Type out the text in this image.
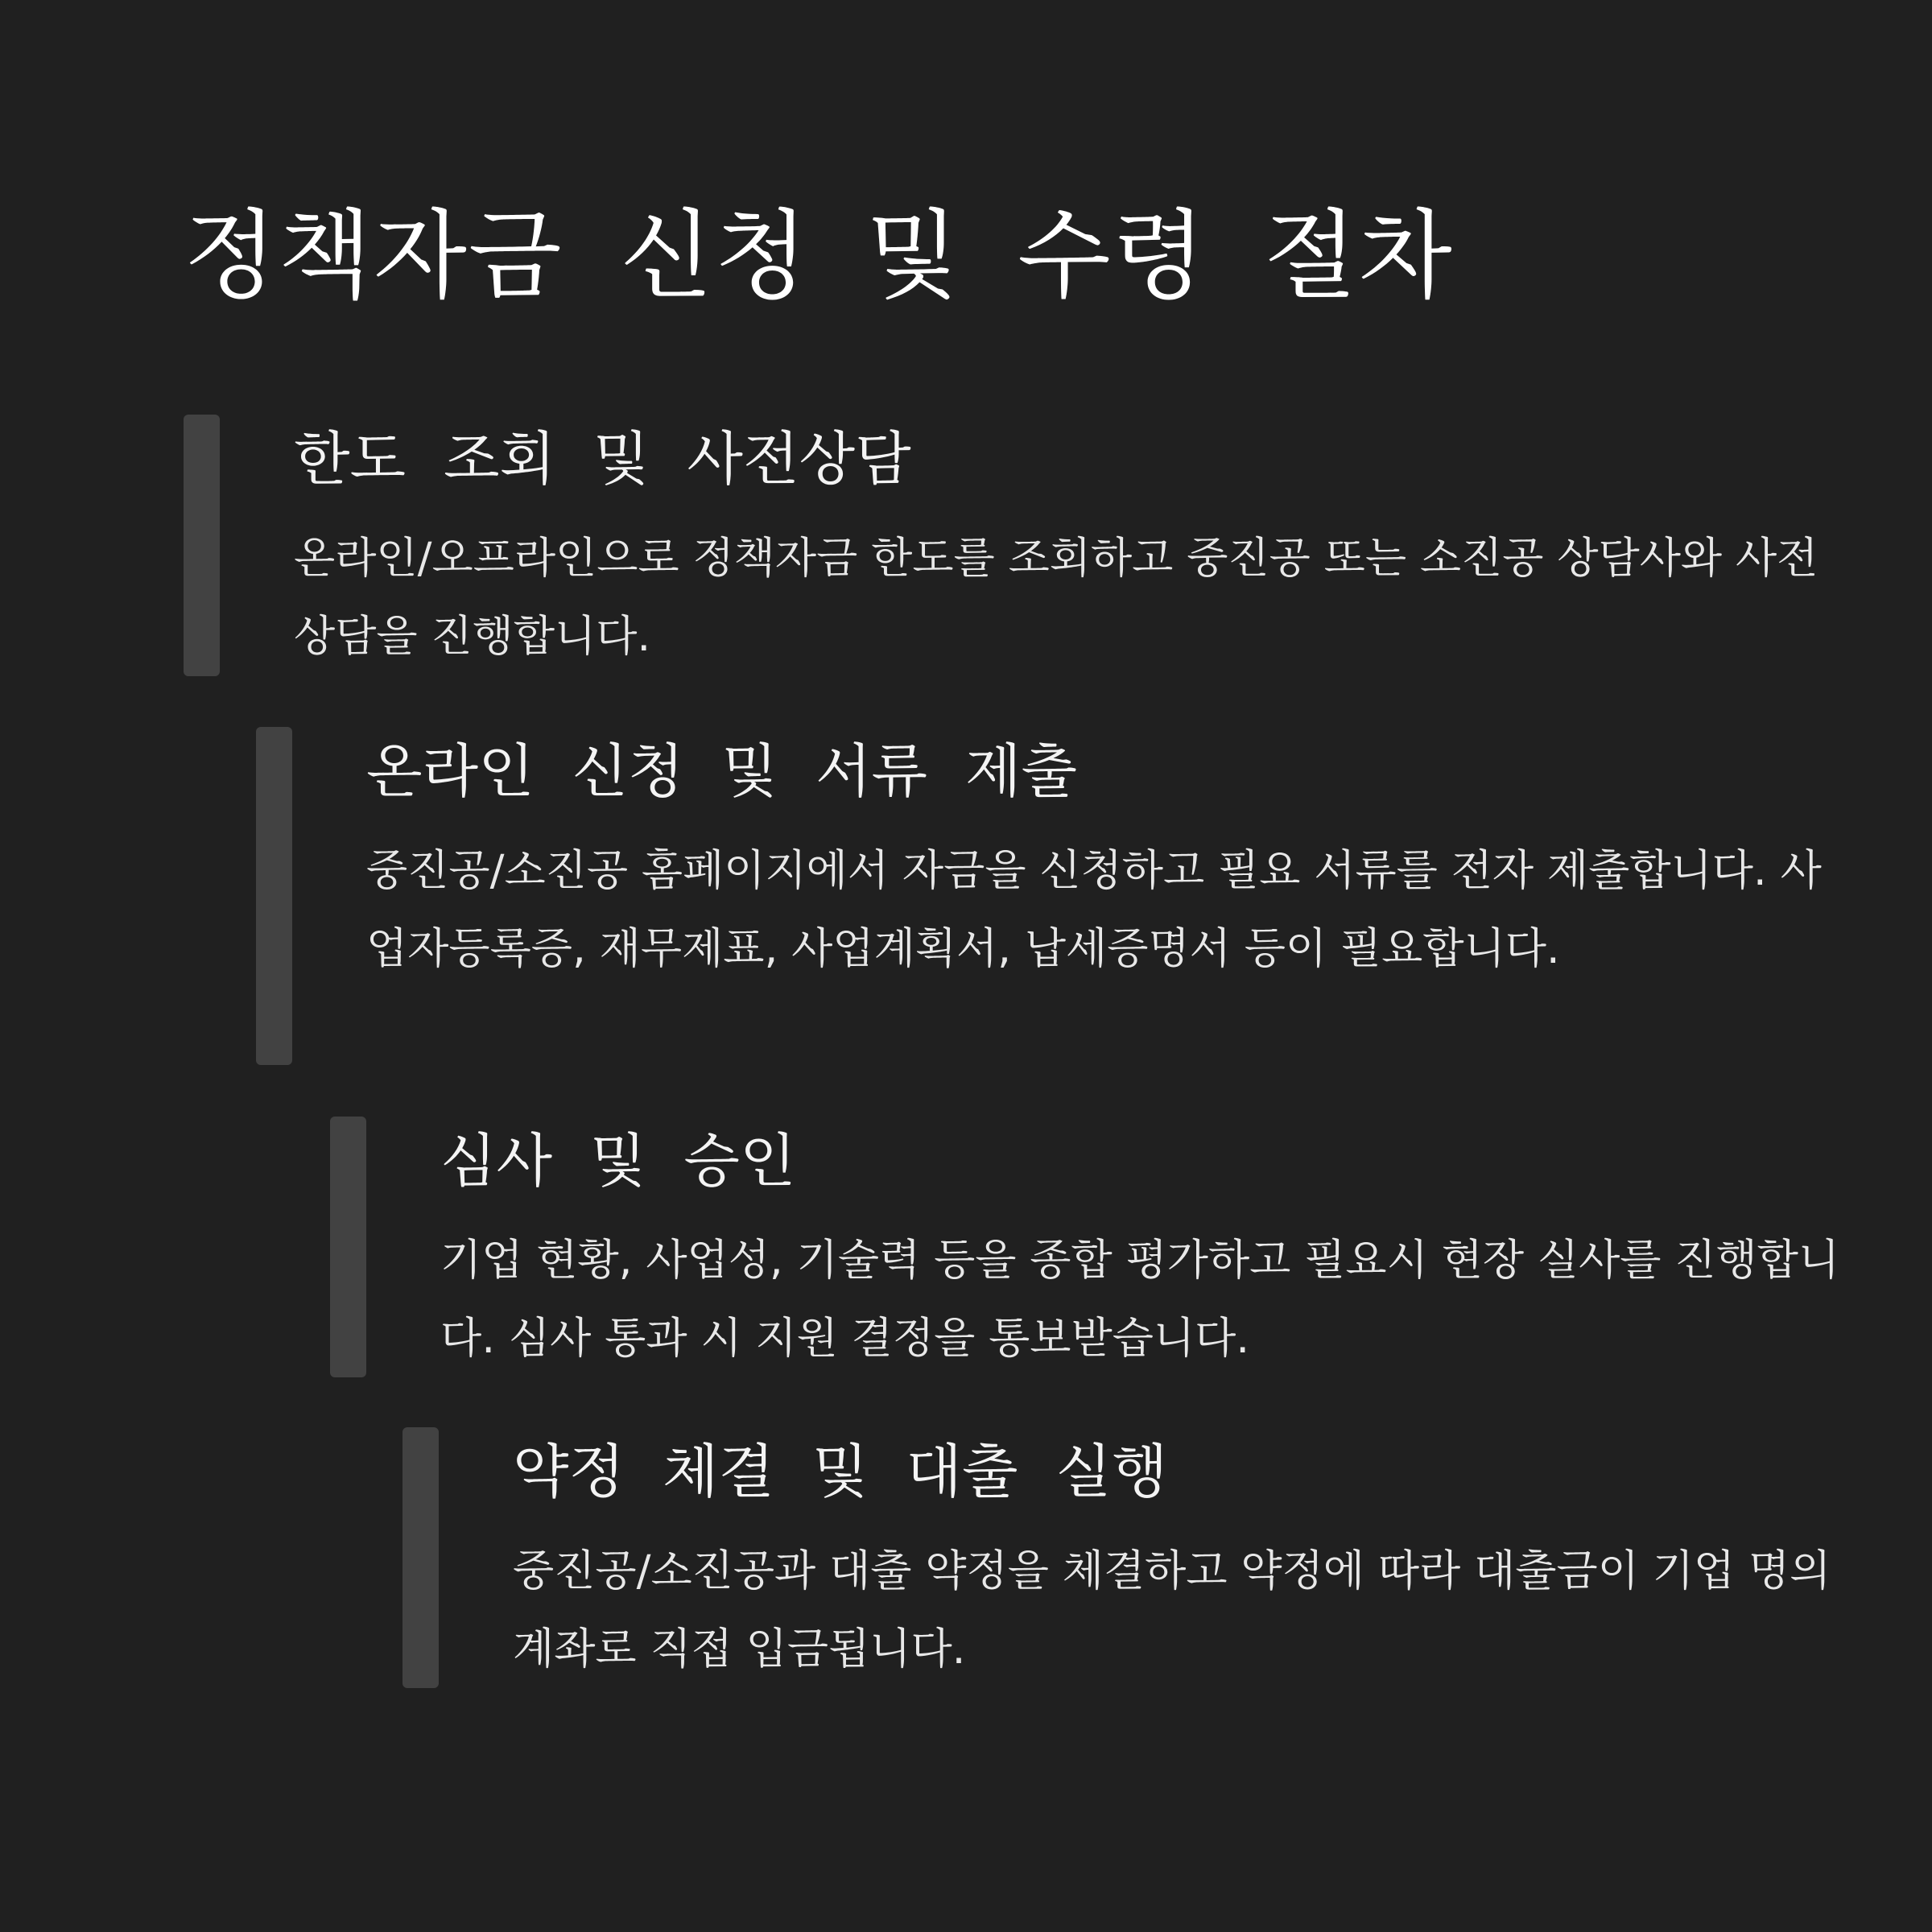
정책자금 신청 및 수령 절차
한도 조회 및 사전상담

온라인/오프라인으로 정책자금 한도를 조회하고 중진공 또는 소진공 상담사와 사전상담을 진행합니다.

온라인 신청 및 서류 제출

중진공/소진공 홈페이지에서 자금을 신청하고 필요 서류를 전자 제출합니다. 사업자등록증, 재무제표, 사업계획서, 납세증명서 등이 필요합니다.

심사 및 승인

기업 현황, 사업성, 기술력 등을 종합 평가하고 필요시 현장 실사를 진행합니다. 심사 통과 시 지원 결정을 통보받습니다.

약정 체결 및 대출 실행

중진공/소진공과 대출 약정을 체결하고 약정에 따라 대출금이 기업 명의 계좌로 직접 입금됩니다.
